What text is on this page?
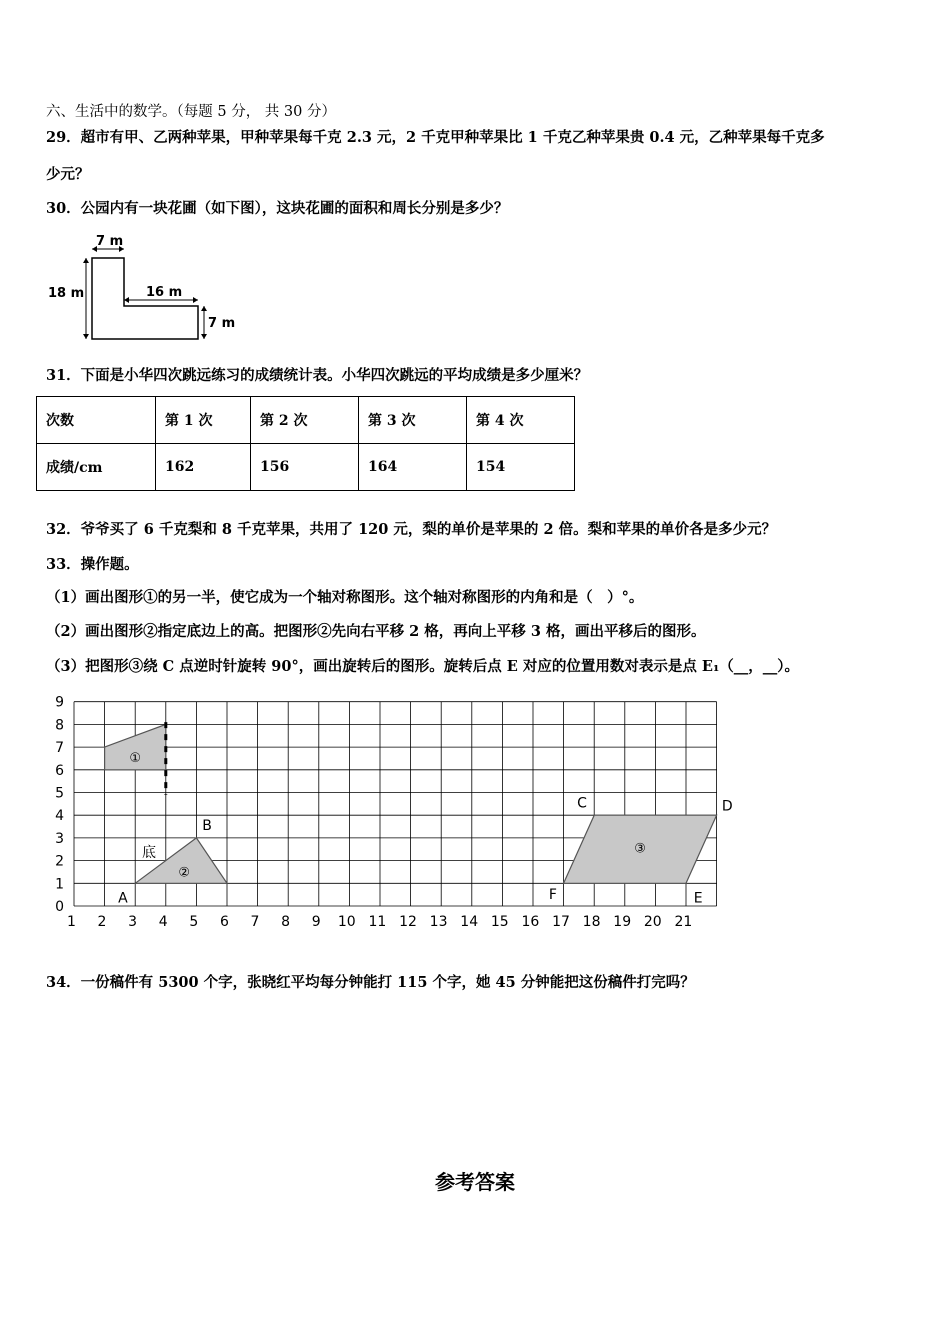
六、生活中的数学。（每题 5 分， 共 30 分）
29．超市有甲、乙两种苹果，甲种苹果每千克 2.3 元，2 千克甲种苹果比 1 千克乙种苹果贵 0.4 元，乙种苹果每千克多
少元？
30．公园内有一块花圃（如下图），这块花圃的面积和周长分别是多少？
7 m
18 m	16 m
7 m
31．下面是小华四次跳远练习的成绩统计表。小华四次跳远的平均成绩是多少厘米？
次数	第 1 次	第 2 次	第 3 次	第 4 次
成绩/cm	162	156	164	154
32．爷爷买了 6 千克梨和 8 千克苹果，共用了 120 元，梨的单价是苹果的 2 倍。梨和苹果的单价各是多少元？
33．操作题。
（1）画出图形①的另一半，使它成为一个轴对称图形。这个轴对称图形的内角和是（　）°。
（2）画出图形②指定底边上的高。把图形②先向右平移 2 格，再向上平移 3 格，画出平移后的图形。
（3）把图形③绕 C 点逆时针旋转 90°，画出旋转后的图形。旋转后点 E 对应的位置用数对表示是点 E₁（__，__）。
0
1
2
3
4
5
6
7
8
9
1 2 3 4 5 6 7 8 9 10 11 12 13 14 15 16 17 18 19 20 21
①
②
③
底
A
B
C	D
E
F
34．一份稿件有 5300 个字，张晓红平均每分钟能打 115 个字，她 45 分钟能把这份稿件打完吗？
参考答案
